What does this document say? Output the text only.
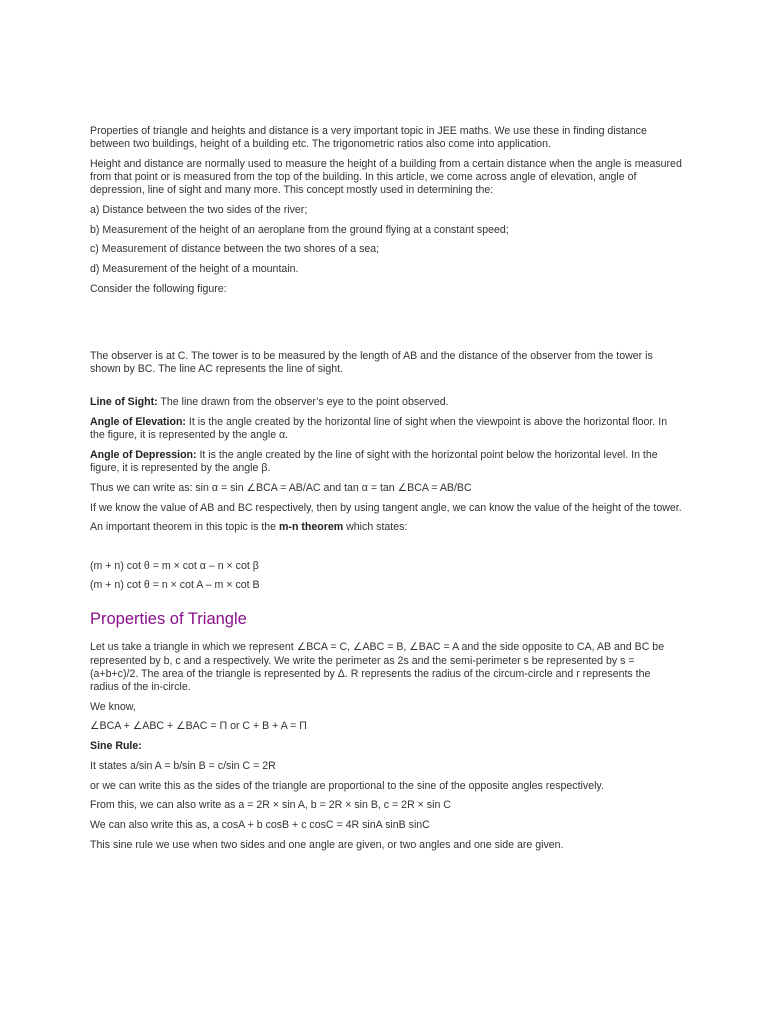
Properties of triangle and heights and distance is a very important topic in JEE maths. We use these in finding distance between two buildings, height of a building etc. The trigonometric ratios also come into application.

Height and distance are normally used to measure the height of a building from a certain distance when the angle is measured from that point or is measured from the top of the building. In this article, we come across angle of elevation, angle of depression, line of sight and many more. This concept mostly used in determining the:

a) Distance between the two sides of the river;

b) Measurement of the height of an aeroplane from the ground flying at a constant speed;

c) Measurement of distance between the two shores of a sea;

d) Measurement of the height of a mountain.

Consider the following figure:

The observer is at C. The tower is to be measured by the length of AB and the distance of the observer from the tower is shown by BC. The line AC represents the line of sight.

Line of Sight: The line drawn from the observer’s eye to the point observed.

Angle of Elevation: It is the angle created by the horizontal line of sight when the viewpoint is above the horizontal floor. In the figure, it is represented by the angle α.

Angle of Depression: It is the angle created by the line of sight with the horizontal point below the horizontal level. In the figure, it is represented by the angle β.

Thus we can write as: sin α = sin ∠BCA = AB/AC and tan α = tan ∠BCA = AB/BC

If we know the value of AB and BC respectively, then by using tangent angle, we can know the value of the height of the tower.

An important theorem in this topic is the m-n theorem which states:

(m + n) cot θ = m × cot α – n × cot β

(m + n) cot θ = n × cot A – m × cot B

Properties of Triangle

Let us take a triangle in which we represent ∠BCA = C, ∠ABC = B, ∠BAC = A and the side opposite to CA, AB and BC be represented by b, c and a respectively. We write the perimeter as 2s and the semi-perimeter s be represented by s = (a+b+c)/2. The area of the triangle is represented by Δ. R represents the radius of the circum-circle and r represents the radius of the in-circle.

We know,

∠BCA + ∠ABC + ∠BAC = Π or C + B + A = Π

Sine Rule:

It states a/sin A = b/sin B = c/sin C = 2R

or we can write this as the sides of the triangle are proportional to the sine of the opposite angles respectively.

From this, we can also write as a = 2R × sin A, b = 2R × sin B, c = 2R × sin C

We can also write this as, a cosA + b cosB + c cosC = 4R sinA sinB sinC

This sine rule we use when two sides and one angle are given, or two angles and one side are given.
